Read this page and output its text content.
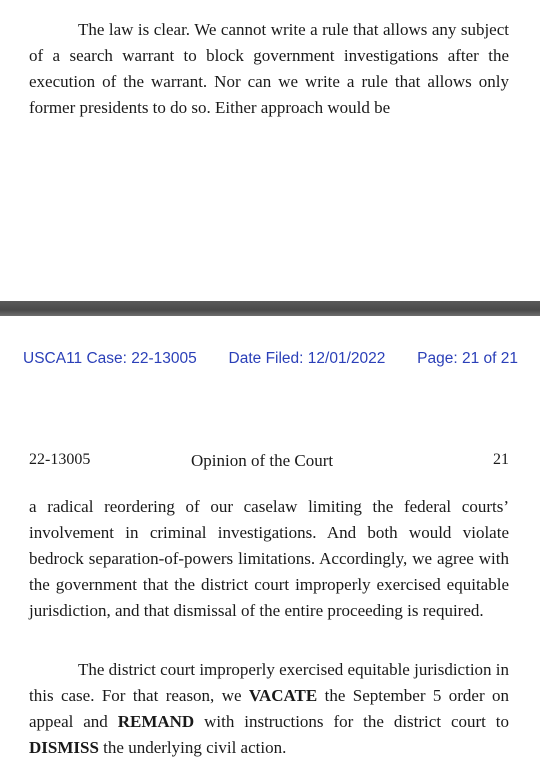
The law is clear. We cannot write a rule that allows any subject of a search warrant to block government investigations after the execution of the warrant. Nor can we write a rule that allows only former presidents to do so. Either approach would be

USCA11 Case: 22-13005 Date Filed: 12/01/2022 Page: 21 of 21
22-13005	Opinion of the Court	21

a radical reordering of our caselaw limiting the federal courts’ involvement in criminal investigations. And both would violate bedrock separation-of-powers limitations. Accordingly, we agree with the government that the district court improperly exercised equitable jurisdiction, and that dismissal of the entire proceeding is required.

The district court improperly exercised equitable jurisdiction in this case. For that reason, we VACATE the September 5 order on appeal and REMAND with instructions for the district court to DISMISS the underlying civil action.
